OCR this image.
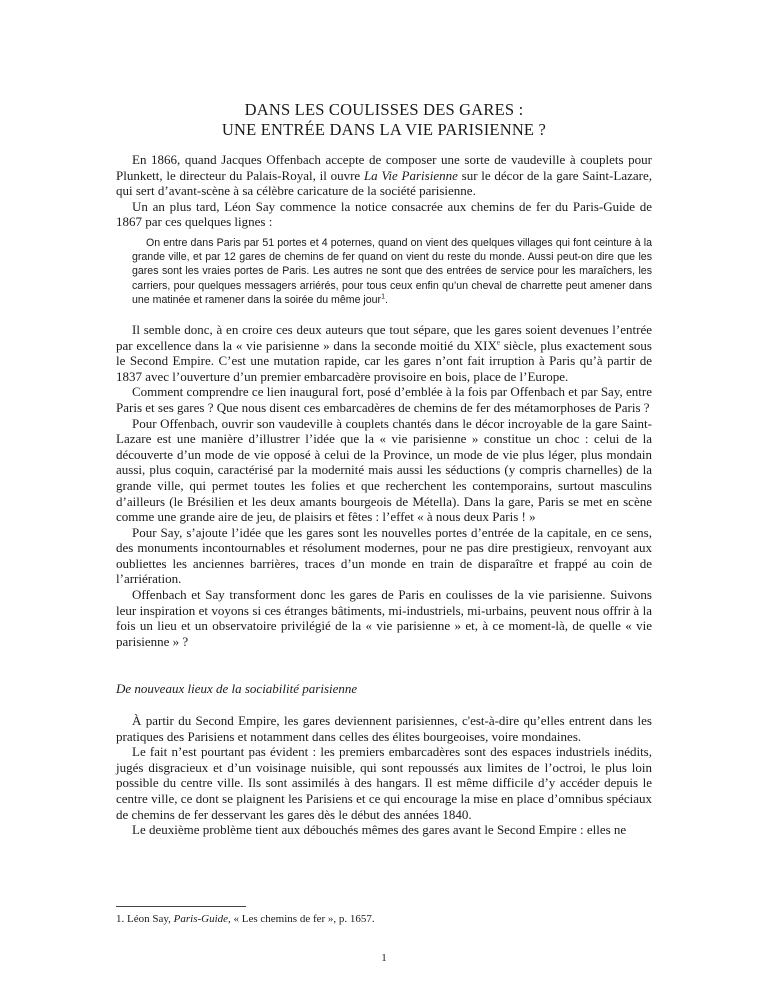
DANS LES COULISSES DES GARES :
UNE ENTRÉE DANS LA VIE PARISIENNE ?

En 1866, quand Jacques Offenbach accepte de composer une sorte de vaudeville à couplets pour Plunkett, le directeur du Palais-Royal, il ouvre La Vie Parisienne sur le décor de la gare Saint-Lazare, qui sert d’avant-scène à sa célèbre caricature de la société parisienne.

Un an plus tard, Léon Say commence la notice consacrée aux chemins de fer du Paris-Guide de 1867 par ces quelques lignes :

On entre dans Paris par 51 portes et 4 poternes, quand on vient des quelques villages qui font ceinture à la grande ville, et par 12 gares de chemins de fer quand on vient du reste du monde. Aussi peut-on dire que les gares sont les vraies portes de Paris. Les autres ne sont que des entrées de service pour les maraîchers, les carriers, pour quelques messagers arriérés, pour tous ceux enfin qu’un cheval de charrette peut amener dans une matinée et ramener dans la soirée du même jour$^1$.

Il semble donc, à en croire ces deux auteurs que tout sépare, que les gares soient devenues l’entrée par excellence dans la « vie parisienne » dans la seconde moitié du XIXe siècle, plus exactement sous le Second Empire. C’est une mutation rapide, car les gares n’ont fait irruption à Paris qu’à partir de 1837 avec l’ouverture d’un premier embarcadère provisoire en bois, place de l’Europe.

Comment comprendre ce lien inaugural fort, posé d’emblée à la fois par Offenbach et par Say, entre Paris et ses gares ? Que nous disent ces embarcadères de chemins de fer des métamorphoses de Paris ?

Pour Offenbach, ouvrir son vaudeville à couplets chantés dans le décor incroyable de la gare Saint-Lazare est une manière d’illustrer l’idée que la « vie parisienne » constitue un choc : celui de la découverte d’un mode de vie opposé à celui de la Province, un mode de vie plus léger, plus mondain aussi, plus coquin, caractérisé par la modernité mais aussi les séductions (y compris charnelles) de la grande ville, qui permet toutes les folies et que recherchent les contemporains, surtout masculins d’ailleurs (le Brésilien et les deux amants bourgeois de Métella). Dans la gare, Paris se met en scène comme une grande aire de jeu, de plaisirs et fêtes : l’effet « à nous deux Paris ! »

Pour Say, s’ajoute l’idée que les gares sont les nouvelles portes d’entrée de la capitale, en ce sens, des monuments incontournables et résolument modernes, pour ne pas dire prestigieux, renvoyant aux oubliettes les anciennes barrières, traces d’un monde en train de disparaître et frappé au coin de l’arriération.

Offenbach et Say transforment donc les gares de Paris en coulisses de la vie parisienne. Suivons leur inspiration et voyons si ces étranges bâtiments, mi-industriels, mi-urbains, peuvent nous offrir à la fois un lieu et un observatoire privilégié de la « vie parisienne » et, à ce moment-là, de quelle « vie parisienne » ?

De nouveaux lieux de la sociabilité parisienne

À partir du Second Empire, les gares deviennent parisiennes, c'est-à-dire qu’elles entrent dans les pratiques des Parisiens et notamment dans celles des élites bourgeoises, voire mondaines.

Le fait n’est pourtant pas évident : les premiers embarcadères sont des espaces industriels inédits, jugés disgracieux et d’un voisinage nuisible, qui sont repoussés aux limites de l’octroi, le plus loin possible du centre ville. Ils sont assimilés à des hangars. Il est même difficile d’y accéder depuis le centre ville, ce dont se plaignent les Parisiens et ce qui encourage la mise en place d’omnibus spéciaux de chemins de fer desservant les gares dès le début des années 1840.

Le deuxième problème tient aux débouchés mêmes des gares avant le Second Empire : elles ne

1. Léon Say, Paris-Guide, « Les chemins de fer », p. 1657.
1
